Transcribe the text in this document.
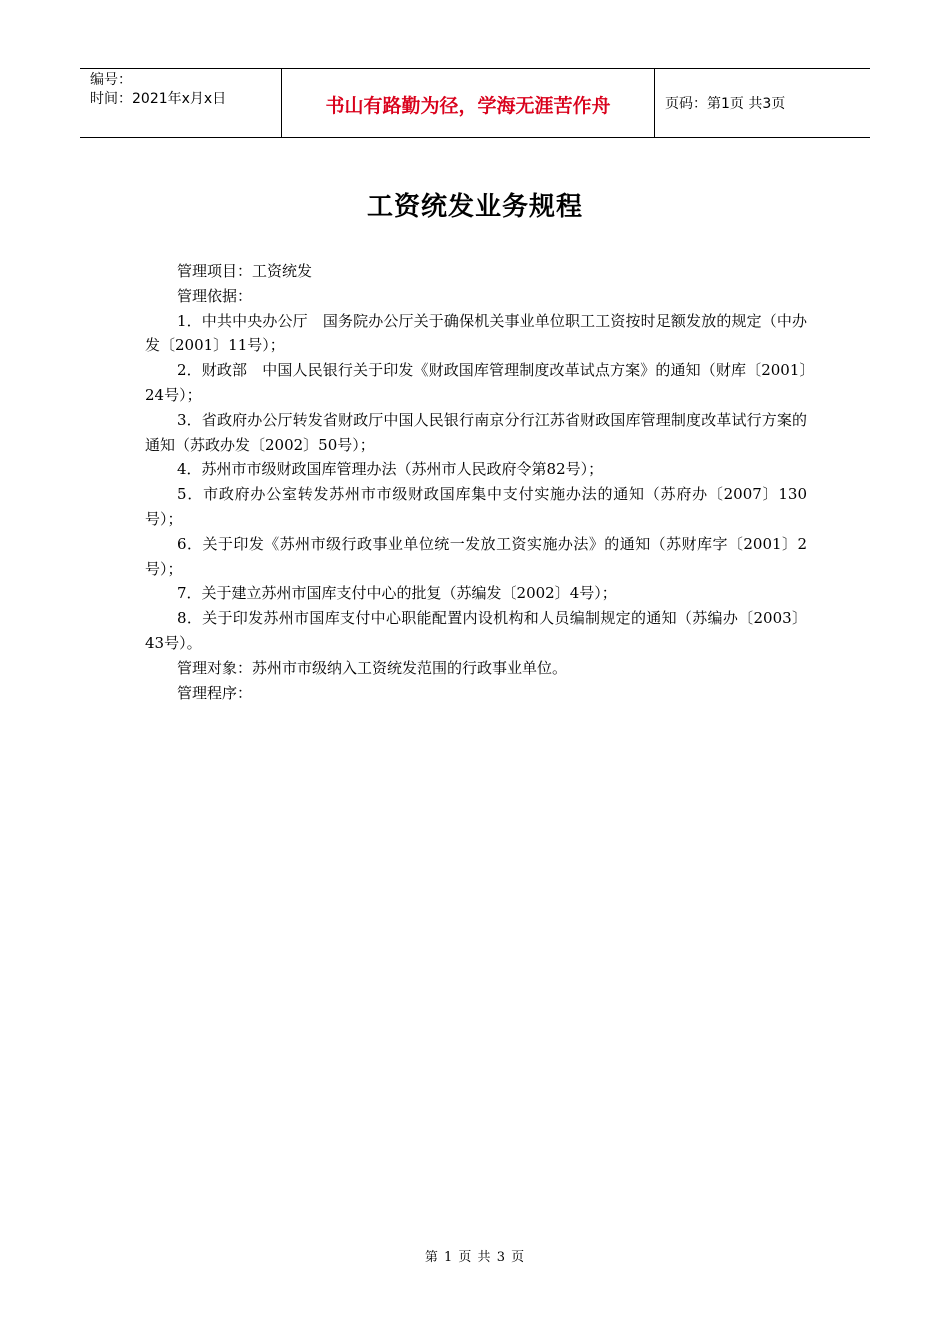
编号：
时间：2021年x月x日	书山有路勤为径，学海无涯苦作舟	页码：第1页 共3页
工资统发业务规程

管理项目：工资统发

管理依据：

1．中共中央办公厅　国务院办公厅关于确保机关事业单位职工工资按时足额发放的规定（中办发〔2001〕11号）；

2．财政部　中国人民银行关于印发《财政国库管理制度改革试点方案》的通知（财库〔2001〕24号）；

3．省政府办公厅转发省财政厅中国人民银行南京分行江苏省财政国库管理制度改革试行方案的通知（苏政办发〔2002〕50号）；

4．苏州市市级财政国库管理办法（苏州市人民政府令第82号）；

5．市政府办公室转发苏州市市级财政国库集中支付实施办法的通知（苏府办〔2007〕130号）；

6．关于印发《苏州市级行政事业单位统一发放工资实施办法》的通知（苏财库字〔2001〕2号）；

7．关于建立苏州市国库支付中心的批复（苏编发〔2002〕4号）；

8．关于印发苏州市国库支付中心职能配置内设机构和人员编制规定的通知（苏编办〔2003〕43号）。

管理对象：苏州市市级纳入工资统发范围的行政事业单位。

管理程序：

第 1 页 共 3 页
